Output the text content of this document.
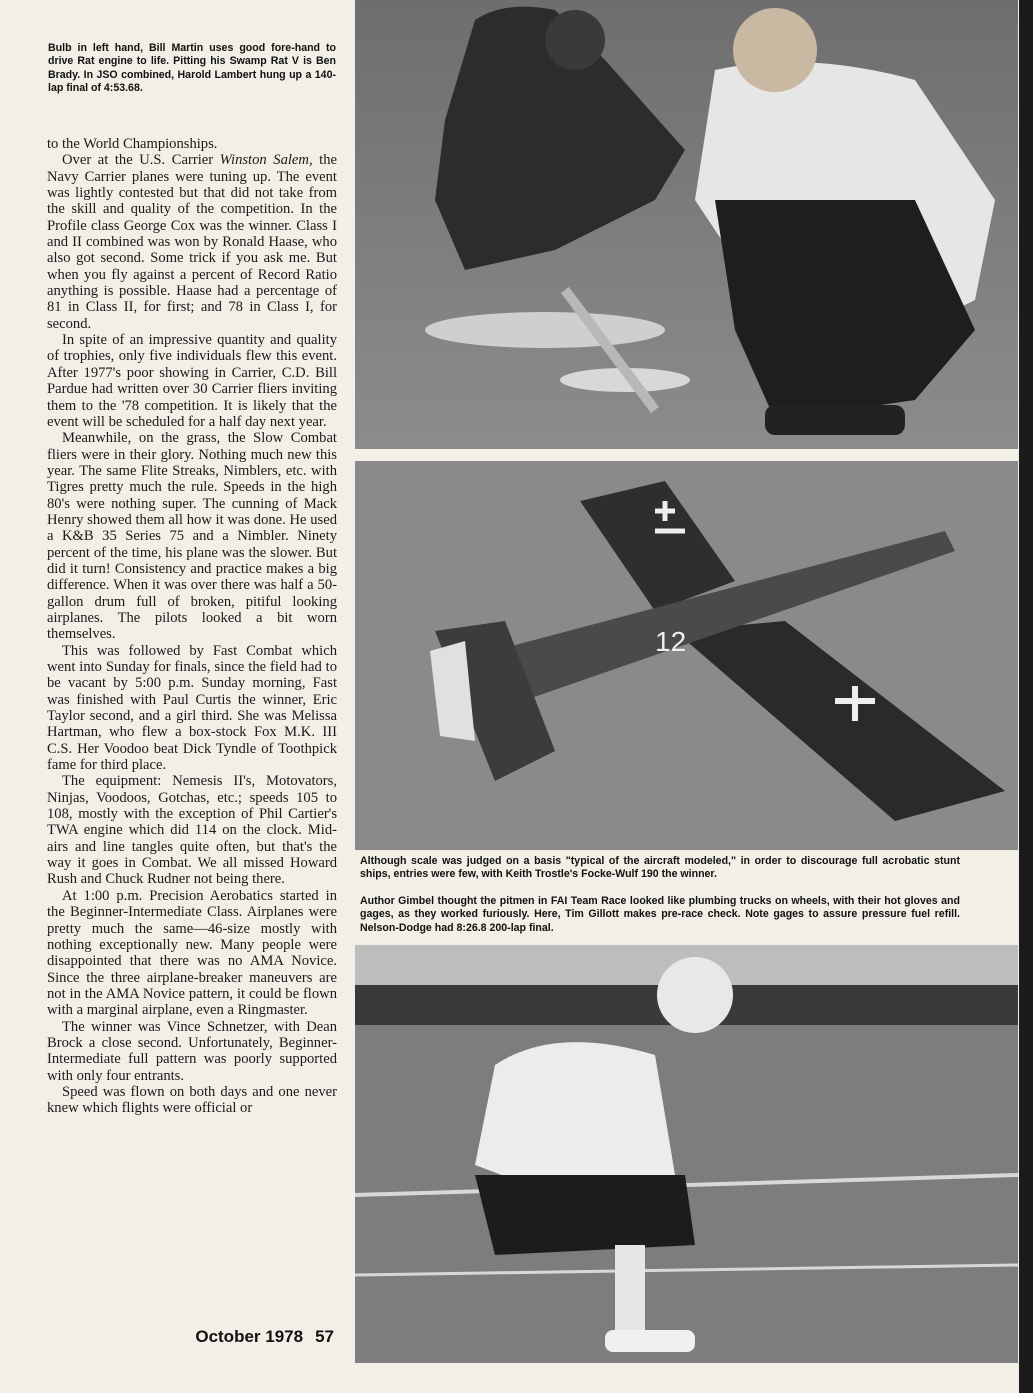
Bulb in left hand, Bill Martin uses good fore-hand to drive Rat engine to life. Pitting his Swamp Rat V is Ben Brady. In JSO combined, Harold Lambert hung up a 140-lap final of 4:53.68.

to the World Championships.

Over at the U.S. Carrier Winston Salem, the Navy Carrier planes were tuning up. The event was lightly contested but that did not take from the skill and quality of the competition. In the Profile class George Cox was the winner. Class I and II combined was won by Ronald Haase, who also got second. Some trick if you ask me. But when you fly against a percent of Record Ratio anything is possible. Haase had a percentage of 81 in Class II, for first; and 78 in Class I, for second.

In spite of an impressive quantity and quality of trophies, only five individuals flew this event. After 1977's poor showing in Carrier, C.D. Bill Pardue had written over 30 Carrier fliers inviting them to the '78 competition. It is likely that the event will be scheduled for a half day next year.

Meanwhile, on the grass, the Slow Combat fliers were in their glory. Nothing much new this year. The same Flite Streaks, Nimblers, etc. with Tigres pretty much the rule. Speeds in the high 80's were nothing super. The cunning of Mack Henry showed them all how it was done. He used a K&B 35 Series 75 and a Nimbler. Ninety percent of the time, his plane was the slower. But did it turn! Consistency and practice makes a big difference. When it was over there was half a 50-gallon drum full of broken, pitiful looking airplanes. The pilots looked a bit worn themselves.

This was followed by Fast Combat which went into Sunday for finals, since the field had to be vacant by 5:00 p.m. Sunday morning, Fast was finished with Paul Curtis the winner, Eric Taylor second, and a girl third. She was Melissa Hartman, who flew a box-stock Fox M.K. III C.S. Her Voodoo beat Dick Tyndle of Toothpick fame for third place.

The equipment: Nemesis II's, Motovators, Ninjas, Voodoos, Gotchas, etc.; speeds 105 to 108, mostly with the exception of Phil Cartier's TWA engine which did 114 on the clock. Mid-airs and line tangles quite often, but that's the way it goes in Combat. We all missed Howard Rush and Chuck Rudner not being there.

At 1:00 p.m. Precision Aerobatics started in the Beginner-Intermediate Class. Airplanes were pretty much the same—46-size mostly with nothing exceptionally new. Many people were disappointed that there was no AMA Novice. Since the three airplane-breaker maneuvers are not in the AMA Novice pattern, it could be flown with a marginal airplane, even a Ringmaster.

The winner was Vince Schnetzer, with Dean Brock a close second. Unfortunately, Beginner-Intermediate full pattern was poorly supported with only four entrants.

Speed was flown on both days and one never knew which flights were official or

October 1978 57
12
Although scale was judged on a basis "typical of the aircraft modeled," in order to discourage full acrobatic stunt ships, entries were few, with Keith Trostle's Focke-Wulf 190 the winner.
Author Gimbel thought the pitmen in FAI Team Race looked like plumbing trucks on wheels, with their hot gloves and gages, as they worked furiously. Here, Tim Gillott makes pre-race check. Note gages to assure pressure fuel refill. Nelson-Dodge had 8:26.8 200-lap final.
